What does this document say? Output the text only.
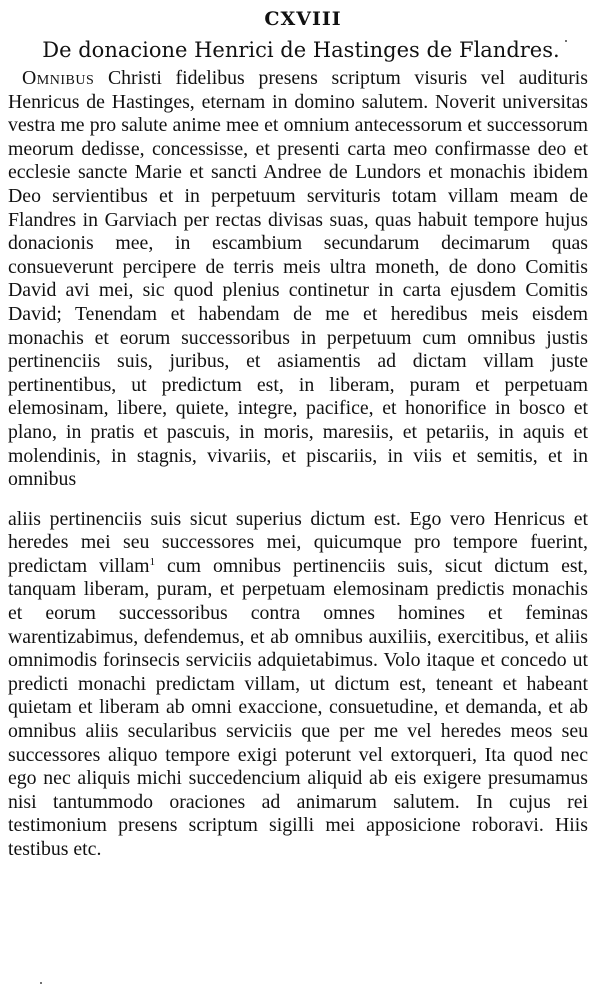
CXVIII
De donacione Henrici de Hastinges de Flandres.

Omnibus Christi fidelibus presens scriptum visuris vel audituris Henricus de Hastinges, eternam in domino salutem. Noverit universitas vestra me pro salute anime mee et omnium antecessorum et successorum meorum dedisse, concessisse, et presenti carta meo confirmasse deo et ecclesie sancte Marie et sancti Andree de Lundors et monachis ibidem Deo servientibus et in perpetuum servituris totam villam meam de Flandres in Garviach per rectas divisas suas, quas habuit tempore hujus donacionis mee, in escambium secundarum decimarum quas consueverunt percipere de terris meis ultra moneth, de dono Comitis David avi mei, sic quod plenius continetur in carta ejusdem Comitis David; Tenendam et habendam de me et heredibus meis eisdem monachis et eorum successoribus in perpetuum cum omnibus justis pertinenciis suis, juribus, et asiamentis ad dictam villam juste pertinentibus, ut predictum est, in liberam, puram et perpetuam elemosinam, libere, quiete, integre, pacifice, et honorifice in bosco et plano, in pratis et pascuis, in moris, maresiis, et petariis, in aquis et molendinis, in stagnis, vivariis, et piscariis, in viis et semitis, et in omnibus

aliis pertinenciis suis sicut superius dictum est. Ego vero Henricus et heredes mei seu successores mei, quicumque pro tempore fuerint, predictam villam$^1$ cum omnibus pertinenciis suis, sicut dictum est, tanquam liberam, puram, et perpetuam elemosinam predictis monachis et eorum successoribus contra omnes homines et feminas warentizabimus, defendemus, et ab omnibus auxiliis, exercitibus, et aliis omnimodis forinsecis serviciis adquietabimus. Volo itaque et concedo ut predicti monachi predictam villam, ut dictum est, teneant et habeant quietam et liberam ab omni exaccione, consuetudine, et demanda, et ab omnibus aliis secularibus serviciis que per me vel heredes meos seu successores aliquo tempore exigi poterunt vel extorqueri, Ita quod nec ego nec aliquis michi succedencium aliquid ab eis exigere presumamus nisi tantummodo oraciones ad animarum salutem. In cujus rei testimonium presens scriptum sigilli mei apposicione roboravi. Hiis testibus etc.
